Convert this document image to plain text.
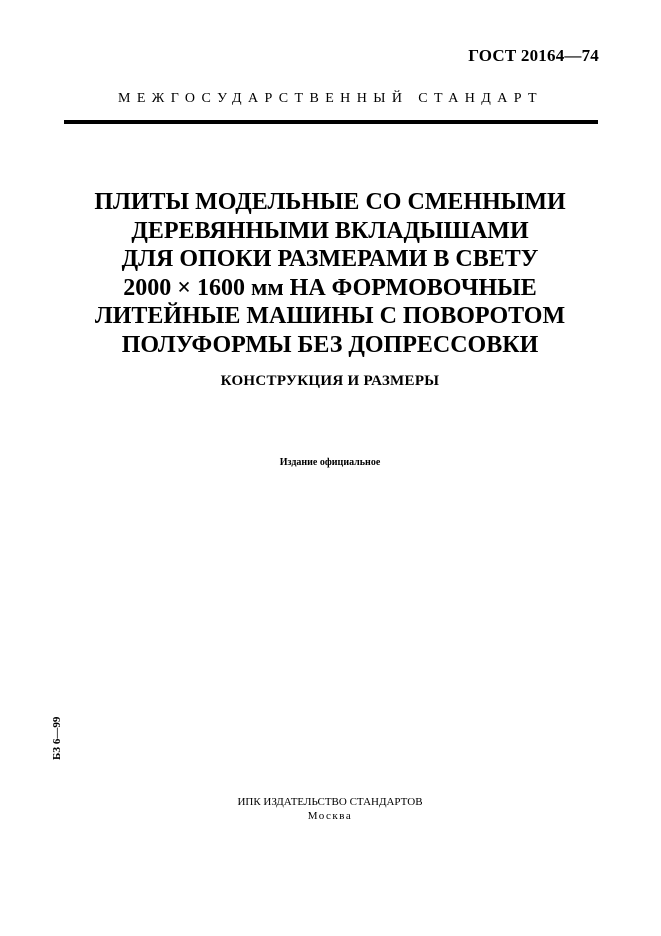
ГОСТ 20164—74
МЕЖГОСУДАРСТВЕННЫЙ СТАНДАРТ
ПЛИТЫ МОДЕЛЬНЫЕ СО СМЕННЫМИ
ДЕРЕВЯННЫМИ ВКЛАДЫШАМИ
ДЛЯ ОПОКИ РАЗМЕРАМИ В СВЕТУ
2000 × 1600 мм НА ФОРМОВОЧНЫЕ
ЛИТЕЙНЫЕ МАШИНЫ С ПОВОРОТОМ
ПОЛУФОРМЫ БЕЗ ДОПРЕССОВКИ
КОНСТРУКЦИЯ И РАЗМЕРЫ
Издание официальное
БЗ 6—99
ИПК ИЗДАТЕЛЬСТВО СТАНДАРТОВ
Москва
